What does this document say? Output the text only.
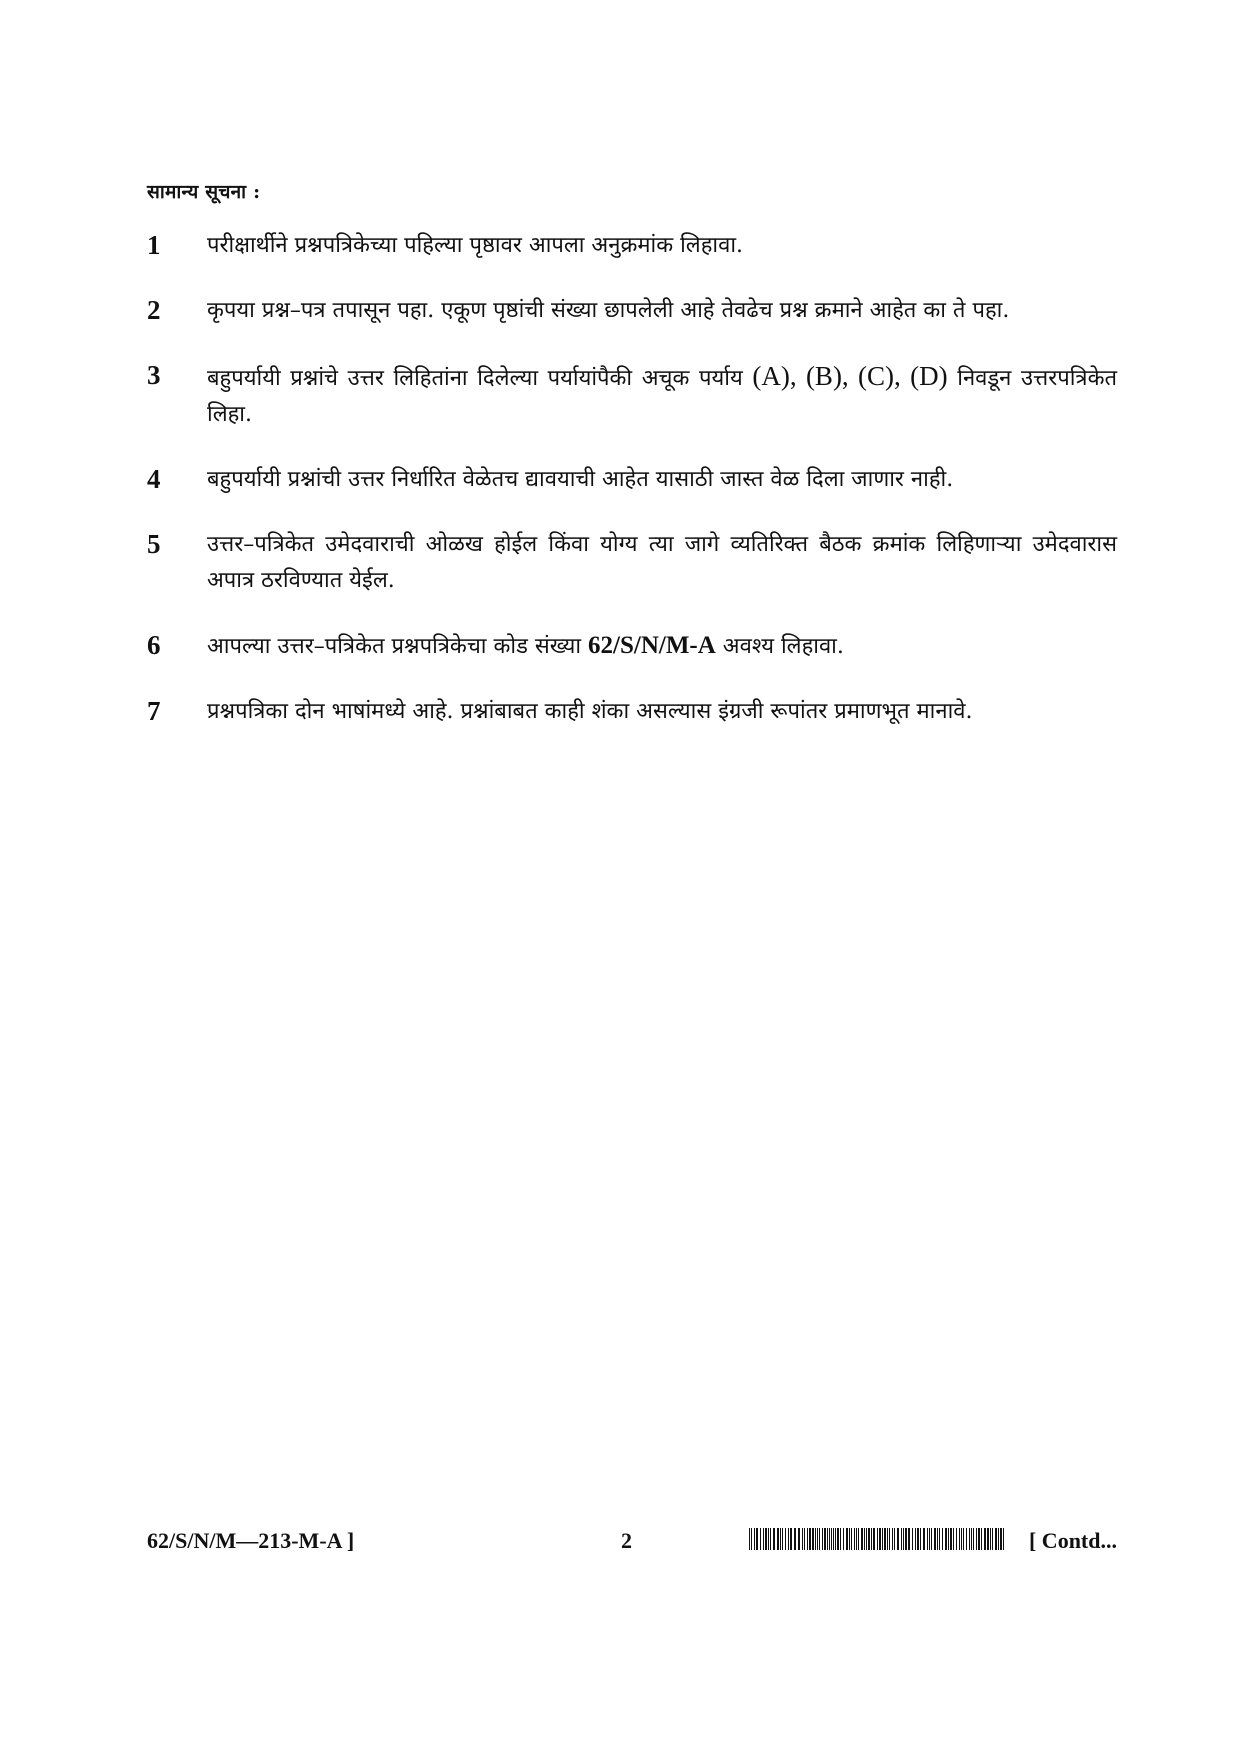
सामान्य सूचना :
1	परीक्षार्थीने प्रश्नपत्रिकेच्या पहिल्या पृष्ठावर आपला अनुक्रमांक लिहावा.
2	कृपया प्रश्न–पत्र तपासून पहा. एकूण पृष्ठांची संख्या छापलेली आहे तेवढेच प्रश्न क्रमाने आहेत का ते पहा.
3	बहुपर्यायी प्रश्नांचे उत्तर लिहितांना दिलेल्या पर्यायांपैकी अचूक पर्याय (A), (B), (C), (D) निवडून उत्तरपत्रिकेत लिहा.
4	बहुपर्यायी प्रश्नांची उत्तर निर्धारित वेळेतच द्यावयाची आहेत यासाठी जास्त वेळ दिला जाणार नाही.
5	उत्तर–पत्रिकेत उमेदवाराची ओळख होईल किंवा योग्य त्या जागे व्यतिरिक्त बैठक क्रमांक लिहिणाऱ्या उमेदवारास अपात्र ठरविण्यात येईल.
6	आपल्या उत्तर–पत्रिकेत प्रश्नपत्रिकेचा कोड संख्या 62/S/N/M-A अवश्य लिहावा.
7	प्रश्नपत्रिका दोन भाषांमध्ये आहे. प्रश्नांबाबत काही शंका असल्यास इंग्रजी रूपांतर प्रमाणभूत मानावे.
62/S/N/M—213-M-A ]	2	[ Contd...
